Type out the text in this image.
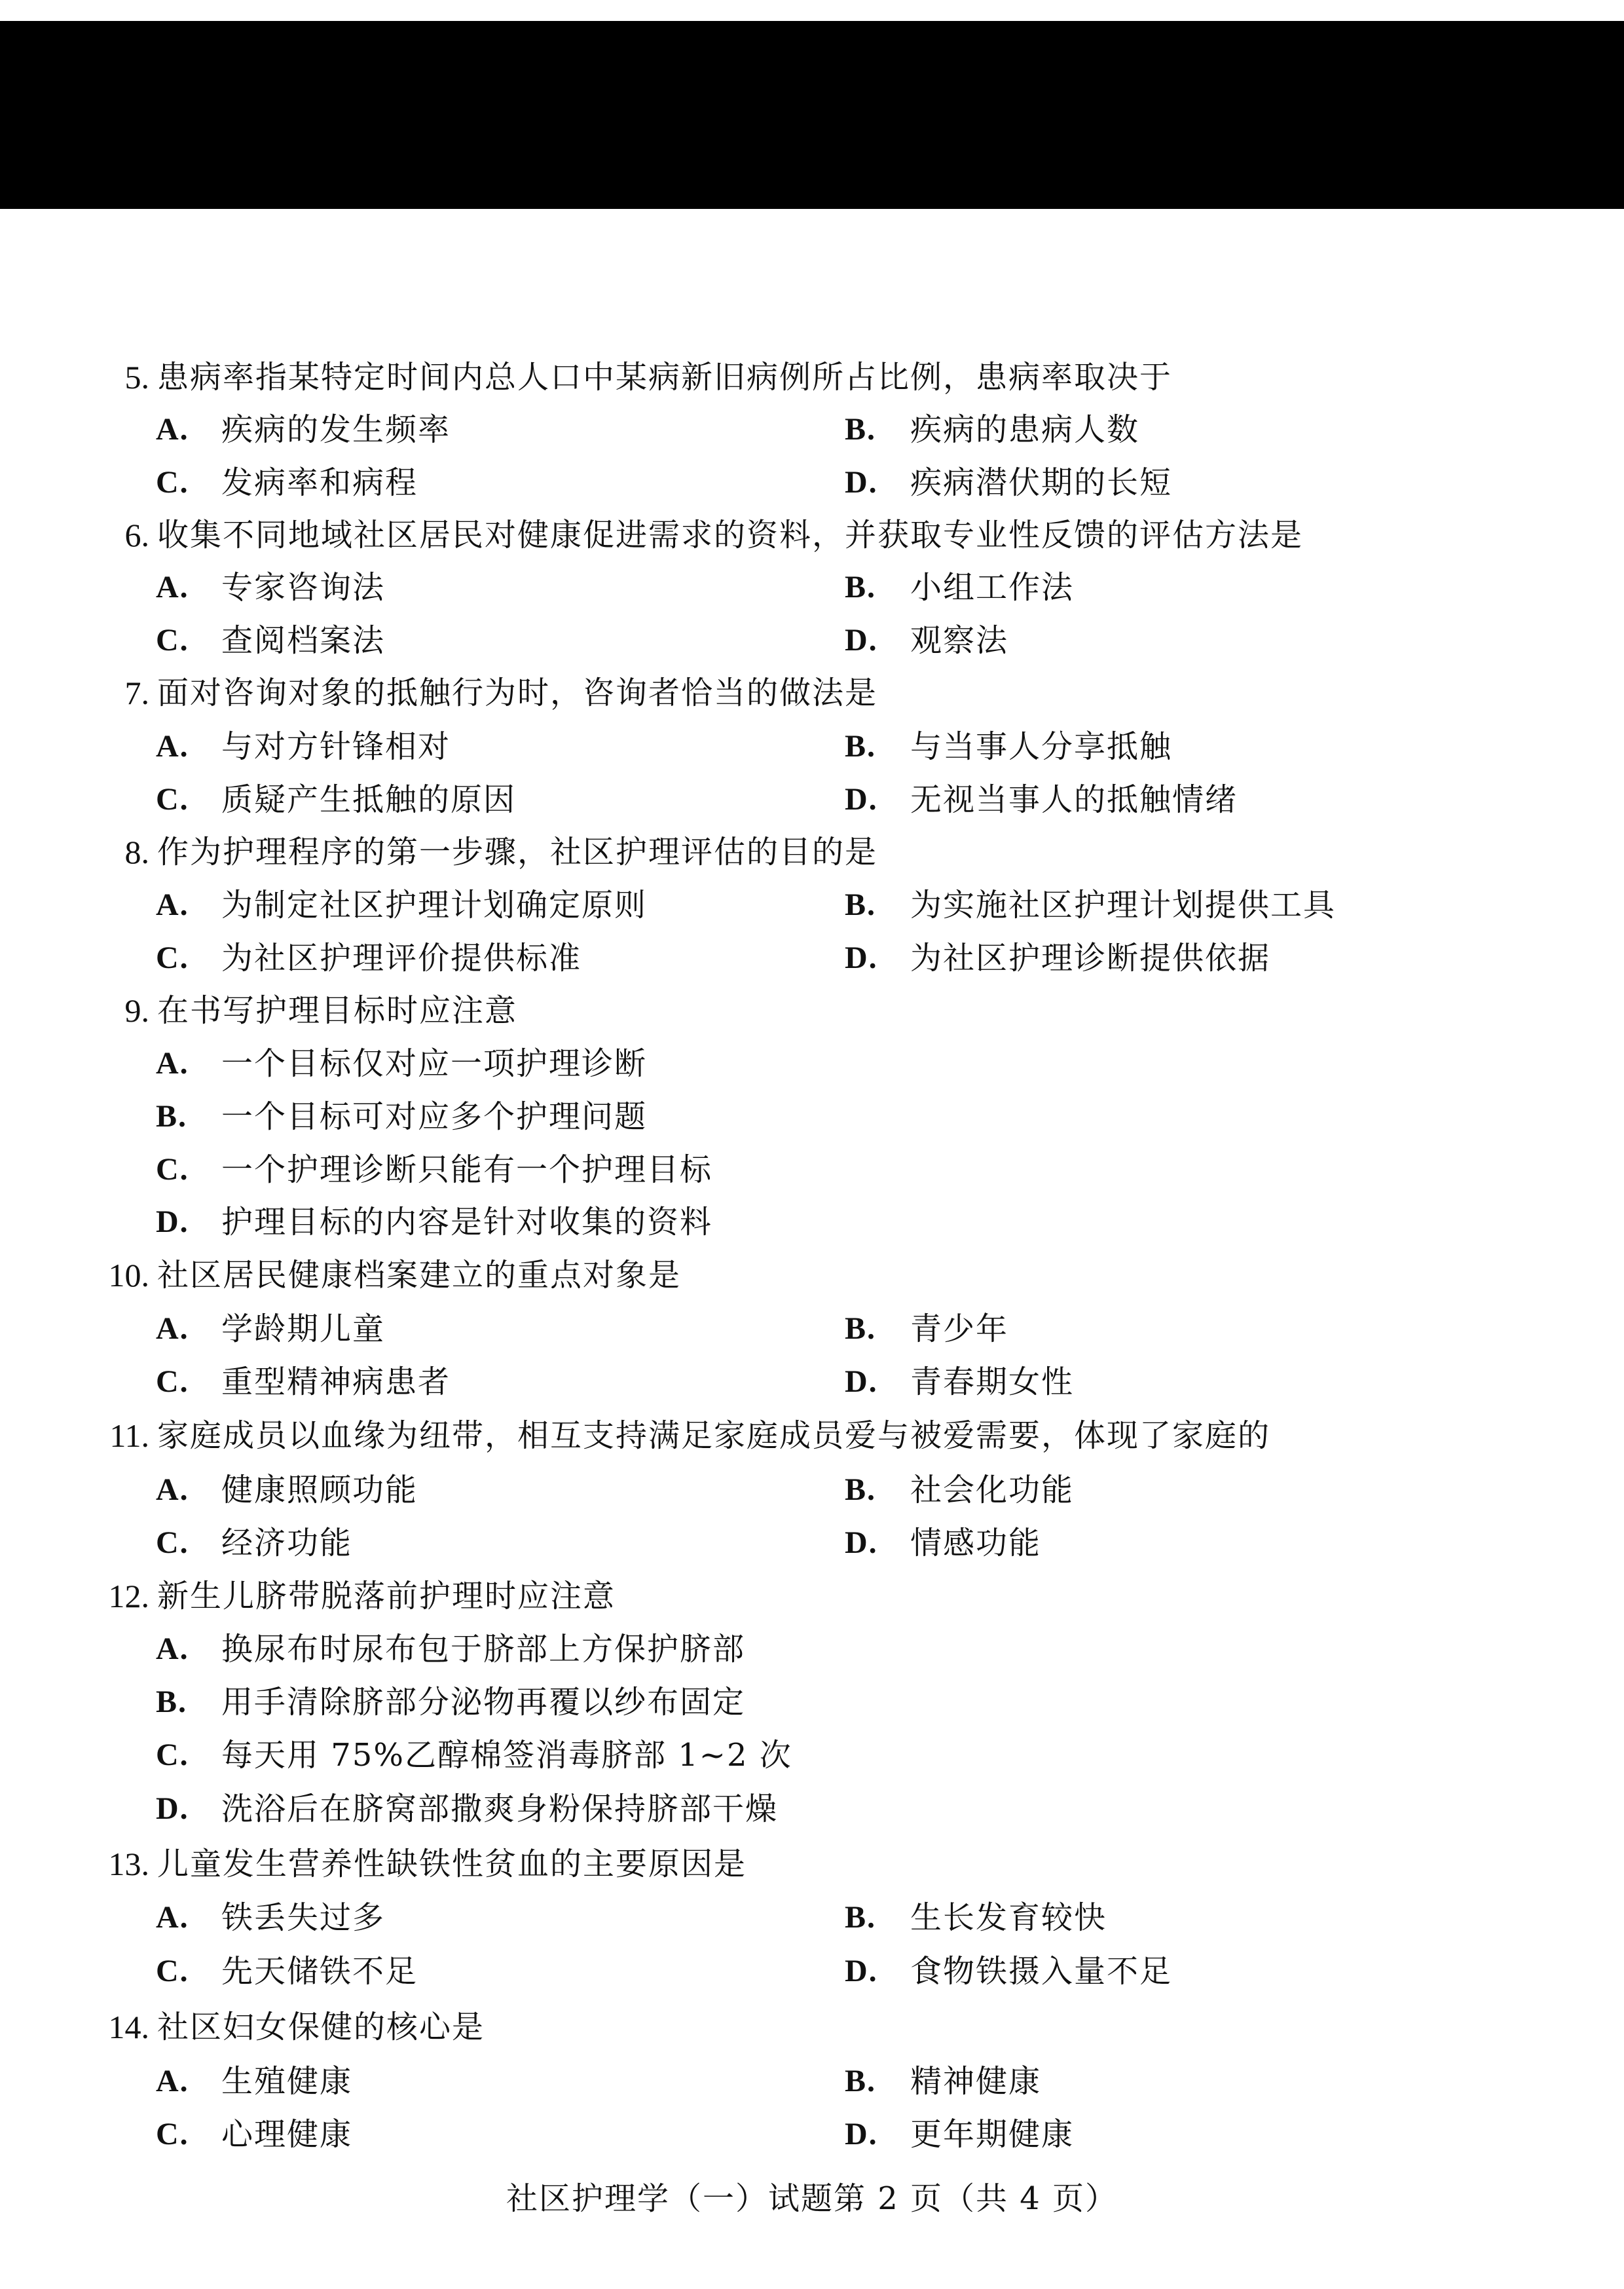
5. 患病率指某特定时间内总人口中某病新旧病例所占比例，患病率取决于
A.	疾病的发生频率	B.	疾病的患病人数
C.	发病率和病程	D.	疾病潜伏期的长短
6. 收集不同地域社区居民对健康促进需求的资料，并获取专业性反馈的评估方法是
A.	专家咨询法	B.	小组工作法
C.	查阅档案法	D.	观察法
7. 面对咨询对象的抵触行为时，咨询者恰当的做法是
A.	与对方针锋相对	B.	与当事人分享抵触
C.	质疑产生抵触的原因	D.	无视当事人的抵触情绪
8. 作为护理程序的第一步骤，社区护理评估的目的是
A.	为制定社区护理计划确定原则	B.	为实施社区护理计划提供工具
C.	为社区护理评价提供标准	D.	为社区护理诊断提供依据
9. 在书写护理目标时应注意
A.	一个目标仅对应一项护理诊断
B.	一个目标可对应多个护理问题
C.	一个护理诊断只能有一个护理目标
D.	护理目标的内容是针对收集的资料
10. 社区居民健康档案建立的重点对象是
A.	学龄期儿童	B.	青少年
C.	重型精神病患者	D.	青春期女性
11. 家庭成员以血缘为纽带，相互支持满足家庭成员爱与被爱需要，体现了家庭的
A.	健康照顾功能	B.	社会化功能
C.	经济功能	D.	情感功能
12. 新生儿脐带脱落前护理时应注意
A.	换尿布时尿布包于脐部上方保护脐部
B.	用手清除脐部分泌物再覆以纱布固定
C.	每天用 75%乙醇棉签消毒脐部 1~2 次
D.	洗浴后在脐窝部撒爽身粉保持脐部干燥
13. 儿童发生营养性缺铁性贫血的主要原因是
A.	铁丢失过多	B.	生长发育较快
C.	先天储铁不足	D.	食物铁摄入量不足
14. 社区妇女保健的核心是
A.	生殖健康	B.	精神健康
C.	心理健康	D.	更年期健康
社区护理学（一）试题第 2 页（共 4 页）
